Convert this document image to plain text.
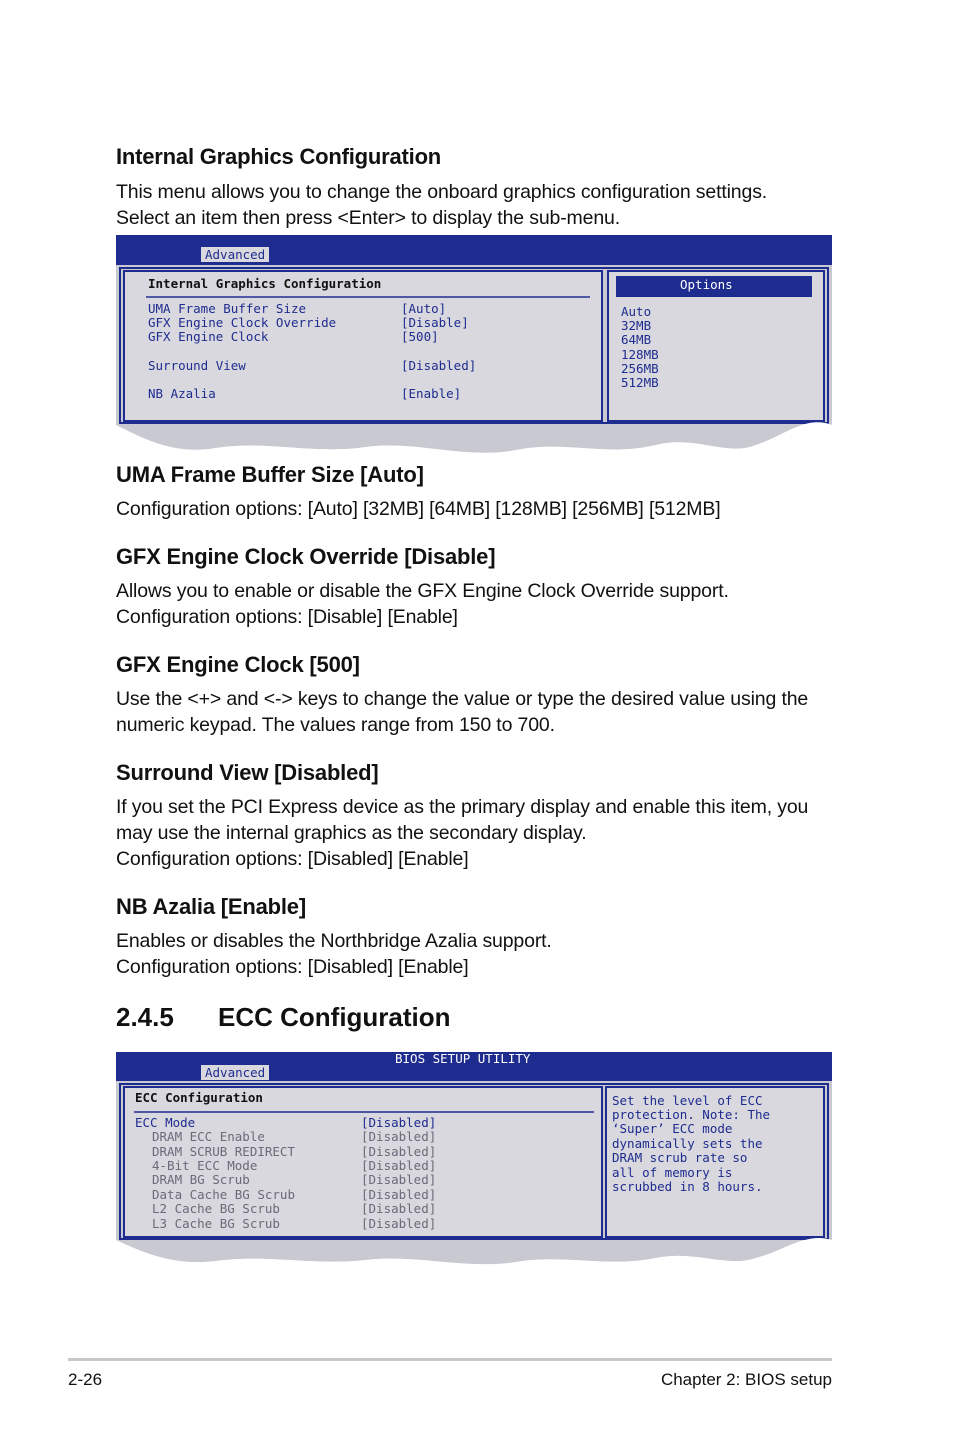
Internal Graphics Configuration
This menu allows you to change the onboard graphics configuration settings.
Select an item then press <Enter> to display the sub-menu.
Advanced
Internal Graphics Configuration
UMA Frame Buffer Size	[Auto]
GFX Engine Clock Override	[Disable]
GFX Engine Clock	[500]
Surround View	[Disabled]
NB Azalia	[Enable]
Options
Auto
32MB
64MB
128MB
256MB
512MB
UMA Frame Buffer Size [Auto]
Configuration options: [Auto] [32MB] [64MB] [128MB] [256MB] [512MB]
GFX Engine Clock Override [Disable]
Allows you to enable or disable the GFX Engine Clock Override support.
Configuration options: [Disable] [Enable]
GFX Engine Clock [500]
Use the <+> and <-> keys to change the value or type the desired value using the
numeric keypad. The values range from 150 to 700.
Surround View [Disabled]
If you set the PCI Express device as the primary display and enable this item, you
may use the internal graphics as the secondary display.
Configuration options: [Disabled] [Enable]
NB Azalia [Enable]
Enables or disables the Northbridge Azalia support.
Configuration options: [Disabled] [Enable]
2.4.5 ECC Configuration
BIOS SETUP UTILITY
Advanced
ECC Configuration
ECC Mode	[Disabled]
DRAM ECC Enable	[Disabled]
DRAM SCRUB REDIRECT	[Disabled]
4-Bit ECC Mode	[Disabled]
DRAM BG Scrub	[Disabled]
Data Cache BG Scrub	[Disabled]
L2 Cache BG Scrub	[Disabled]
L3 Cache BG Scrub	[Disabled]
Set the level of ECC
protection. Note: The
‘Super’ ECC mode
dynamically sets the
DRAM scrub rate so
all of memory is
scrubbed in 8 hours.
2-26	Chapter 2: BIOS setup
